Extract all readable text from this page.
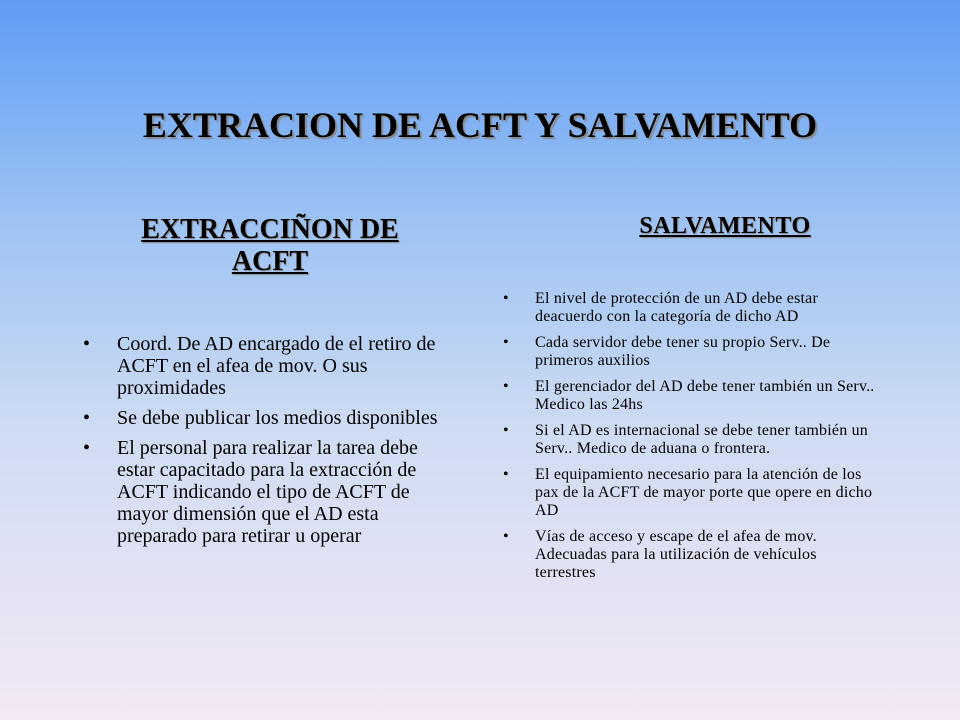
EXTRACION DE ACFT Y SALVAMENTO
EXTRACCIÑON DE ACFT
SALVAMENTO
• Coord. De AD encargado de el retiro de ACFT en el afea de mov. O sus proximidades
• Se debe publicar los medios disponibles
• El personal para realizar la tarea debe estar capacitado para la extracción de ACFT indicando el tipo de ACFT de mayor dimensión que el AD esta preparado para retirar u operar
• El nivel de protección de un AD debe estar deacuerdo con la categoría de dicho AD
• Cada servidor debe tener su propio Serv.. De primeros auxilios
• El gerenciador del AD debe tener también un Serv.. Medico las 24hs
• Si el AD es internacional se debe tener también un Serv.. Medico de aduana o frontera.
• El equipamiento necesario para la atención de los pax de la ACFT de mayor porte que opere en dicho AD
• Vías de acceso y escape de el afea de mov. Adecuadas para la utilización de vehículos terrestres
